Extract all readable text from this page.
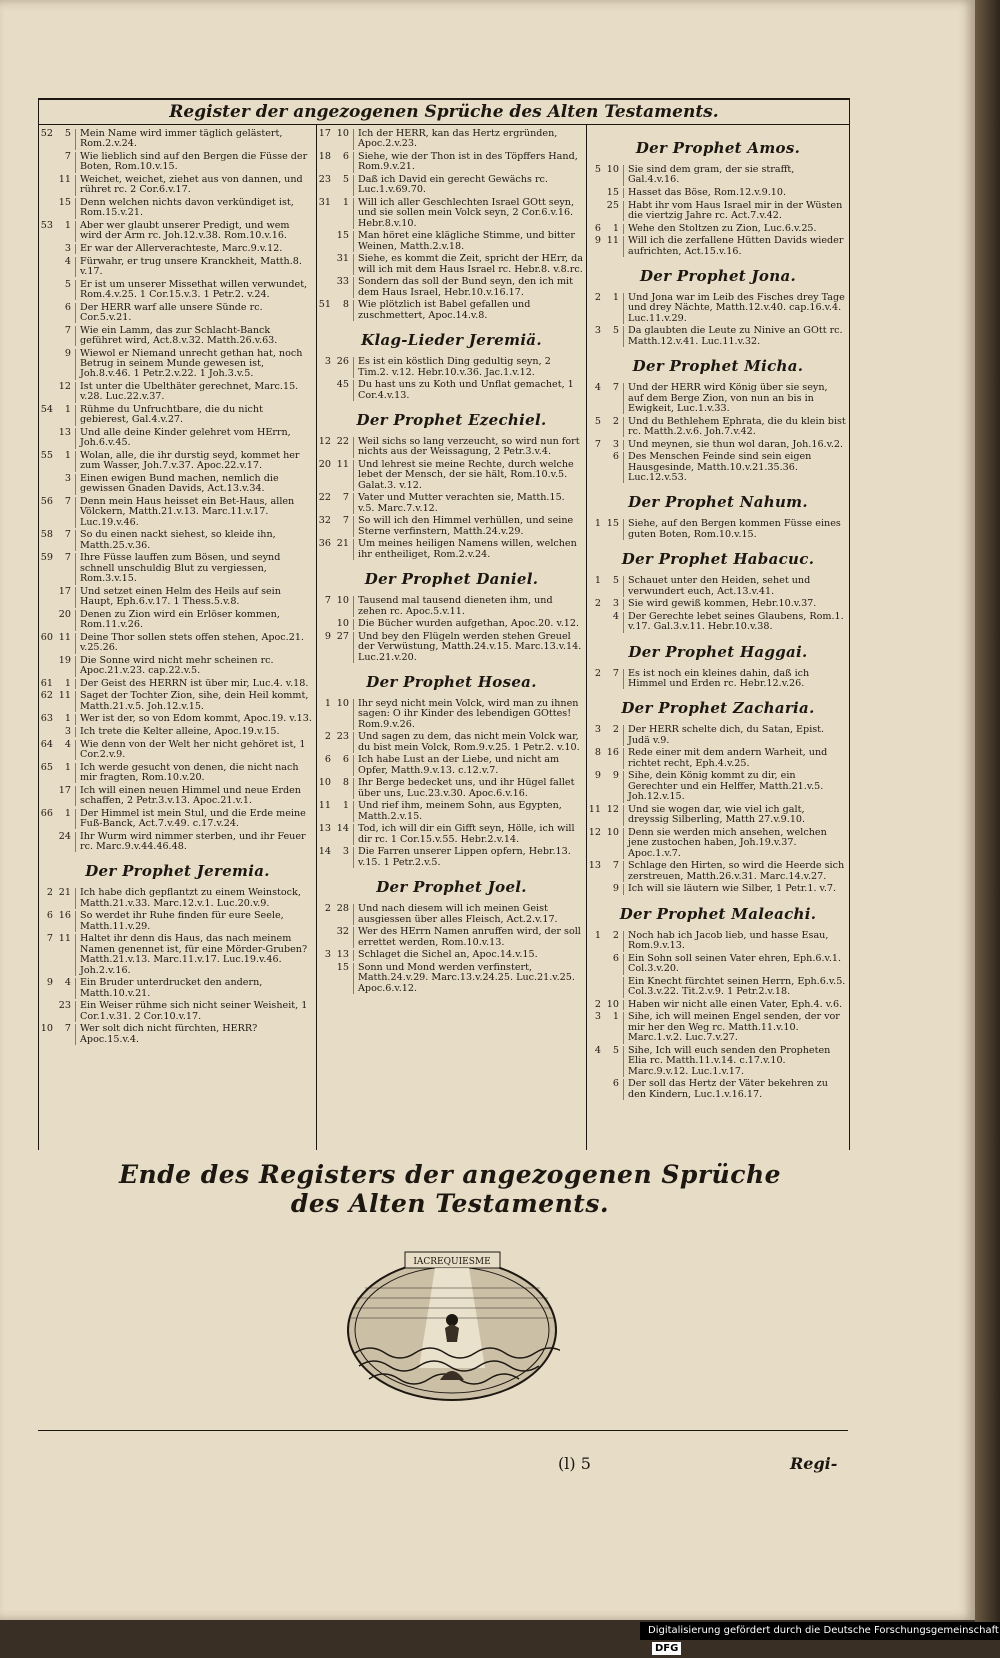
Register der angezogenen Sprüche des Alten Testaments.
52	5 Mein Name wird immer täglich gelästert, Rom.2.v.24.
7 Wie lieblich sind auf den Bergen die Füsse der Boten, Rom.10.v.15.
11 Weichet, weichet, ziehet aus von dannen, und rühret rc. 2 Cor.6.v.17.
15 Denn welchen nichts davon verkündiget ist, Rom.15.v.21.
53	1 Aber wer glaubt unserer Predigt, und wem wird der Arm rc. Joh.12.v.38. Rom.10.v.16.
3 Er war der Allerverachteste, Marc.9.v.12.
4 Fürwahr, er trug unsere Kranckheit, Matth.8. v.17.
5 Er ist um unserer Missethat willen verwundet, Rom.4.v.25. 1 Cor.15.v.3. 1 Petr.2. v.24.
6 Der HERR warf alle unsere Sünde rc. Cor.5.v.21.
7 Wie ein Lamm, das zur Schlacht-Banck geführet wird, Act.8.v.32. Matth.26.v.63.
9 Wiewol er Niemand unrecht gethan hat, noch Betrug in seinem Munde gewesen ist, Joh.8.v.46. 1 Petr.2.v.22. 1 Joh.3.v.5.
12 Ist unter die Ubelthäter gerechnet, Marc.15. v.28. Luc.22.v.37.
54	1 Rühme du Unfruchtbare, die du nicht gebierest, Gal.4.v.27.
13 Und alle deine Kinder gelehret vom HErrn, Joh.6.v.45.
55	1 Wolan, alle, die ihr durstig seyd, kommet her zum Wasser, Joh.7.v.37. Apoc.22.v.17.
3 Einen ewigen Bund machen, nemlich die gewissen Gnaden Davids, Act.13.v.34.
56	7 Denn mein Haus heisset ein Bet-Haus, allen Völckern, Matth.21.v.13. Marc.11.v.17. Luc.19.v.46.
58	7 So du einen nackt siehest, so kleide ihn, Matth.25.v.36.
59	7 Ihre Füsse lauffen zum Bösen, und seynd schnell unschuldig Blut zu vergiessen, Rom.3.v.15.
17 Und setzet einen Helm des Heils auf sein Haupt, Eph.6.v.17. 1 Thess.5.v.8.
20 Denen zu Zion wird ein Erlöser kommen, Rom.11.v.26.
60 11 Deine Thor sollen stets offen stehen, Apoc.21. v.25.26.
19 Die Sonne wird nicht mehr scheinen rc. Apoc.21.v.23. cap.22.v.5.
61	1 Der Geist des HERRN ist über mir, Luc.4. v.18.
62 11 Saget der Tochter Zion, sihe, dein Heil kommt, Matth.21.v.5. Joh.12.v.15.
63	1 Wer ist der, so von Edom kommt, Apoc.19. v.13.
3 Ich trete die Kelter alleine, Apoc.19.v.15.
64	4 Wie denn von der Welt her nicht gehöret ist, 1 Cor.2.v.9.
65	1 Ich werde gesucht von denen, die nicht nach mir fragten, Rom.10.v.20.
17 Ich will einen neuen Himmel und neue Erden schaffen, 2 Petr.3.v.13. Apoc.21.v.1.
66	1 Der Himmel ist mein Stul, und die Erde meine Fuß-Banck, Act.7.v.49. c.17.v.24.
24 Ihr Wurm wird nimmer sterben, und ihr Feuer rc. Marc.9.v.44.46.48.
Der Prophet Jeremia.
2 21 Ich habe dich gepflantzt zu einem Weinstock, Matth.21.v.33. Marc.12.v.1. Luc.20.v.9.
6 16 So werdet ihr Ruhe finden für eure Seele, Matth.11.v.29.
7 11 Haltet ihr denn dis Haus, das nach meinem Namen genennet ist, für eine Mörder-Gruben? Matth.21.v.13. Marc.11.v.17. Luc.19.v.46. Joh.2.v.16.
9	4 Ein Bruder unterdrucket den andern, Matth.10.v.21.
23 Ein Weiser rühme sich nicht seiner Weisheit, 1 Cor.1.v.31. 2 Cor.10.v.17.
10	7 Wer solt dich nicht fürchten, HERR? Apoc.15.v.4.
17 10 Ich der HERR, kan das Hertz ergründen, Apoc.2.v.23.
18	6 Siehe, wie der Thon ist in des Töpffers Hand, Rom.9.v.21.
23	5 Daß ich David ein gerecht Gewächs rc. Luc.1.v.69.70.
31	1 Will ich aller Geschlechten Israel GOtt seyn, und sie sollen mein Volck seyn, 2 Cor.6.v.16. Hebr.8.v.10.
15 Man höret eine klägliche Stimme, und bitter Weinen, Matth.2.v.18.
31 Siehe, es kommt die Zeit, spricht der HErr, da will ich mit dem Haus Israel rc. Hebr.8. v.8.rc.
33 Sondern das soll der Bund seyn, den ich mit dem Haus Israel, Hebr.10.v.16.17.
51	8 Wie plötzlich ist Babel gefallen und zuschmettert, Apoc.14.v.8.
Klag-Lieder Jeremiä.
3 26 Es ist ein köstlich Ding gedultig seyn, 2 Tim.2. v.12. Hebr.10.v.36. Jac.1.v.12.
45 Du hast uns zu Koth und Unflat gemachet, 1 Cor.4.v.13.
Der Prophet Ezechiel.
12 22 Weil sichs so lang verzeucht, so wird nun fort nichts aus der Weissagung, 2 Petr.3.v.4.
20 11 Und lehrest sie meine Rechte, durch welche lebet der Mensch, der sie hält, Rom.10.v.5. Galat.3. v.12.
22	7 Vater und Mutter verachten sie, Matth.15. v.5. Marc.7.v.12.
32	7 So will ich den Himmel verhüllen, und seine Sterne verfinstern, Matth.24.v.29.
36 21 Um meines heiligen Namens willen, welchen ihr entheiliget, Rom.2.v.24.
Der Prophet Daniel.
7 10 Tausend mal tausend dieneten ihm, und zehen rc. Apoc.5.v.11.
10 Die Bücher wurden aufgethan, Apoc.20. v.12.
9 27 Und bey den Flügeln werden stehen Greuel der Verwüstung, Matth.24.v.15. Marc.13.v.14. Luc.21.v.20.
Der Prophet Hosea.
1 10 Ihr seyd nicht mein Volck, wird man zu ihnen sagen: O ihr Kinder des lebendigen GOttes! Rom.9.v.26.
2 23 Und sagen zu dem, das nicht mein Volck war, du bist mein Volck, Rom.9.v.25. 1 Petr.2. v.10.
6	6 Ich habe Lust an der Liebe, und nicht am Opfer, Matth.9.v.13. c.12.v.7.
10	8 Ihr Berge bedecket uns, und ihr Hügel fallet über uns, Luc.23.v.30. Apoc.6.v.16.
11	1 Und rief ihm, meinem Sohn, aus Egypten, Matth.2.v.15.
13 14 Tod, ich will dir ein Gifft seyn, Hölle, ich will dir rc. 1 Cor.15.v.55. Hebr.2.v.14.
14	3 Die Farren unserer Lippen opfern, Hebr.13. v.15. 1 Petr.2.v.5.
Der Prophet Joel.
2 28 Und nach diesem will ich meinen Geist ausgiessen über alles Fleisch, Act.2.v.17.
32 Wer des HErrn Namen anruffen wird, der soll errettet werden, Rom.10.v.13.
3 13 Schlaget die Sichel an, Apoc.14.v.15.
15 Sonn und Mond werden verfinstert, Matth.24.v.29. Marc.13.v.24.25. Luc.21.v.25. Apoc.6.v.12.
Der Prophet Amos.
5 10 Sie sind dem gram, der sie strafft, Gal.4.v.16.
15 Hasset das Böse, Rom.12.v.9.10.
25 Habt ihr vom Haus Israel mir in der Wüsten die viertzig Jahre rc. Act.7.v.42.
6	1 Wehe den Stoltzen zu Zion, Luc.6.v.25.
9 11 Will ich die zerfallene Hütten Davids wieder aufrichten, Act.15.v.16.
Der Prophet Jona.
2	1 Und Jona war im Leib des Fisches drey Tage und drey Nächte, Matth.12.v.40. cap.16.v.4. Luc.11.v.29.
3	5 Da glaubten die Leute zu Ninive an GOtt rc. Matth.12.v.41. Luc.11.v.32.
Der Prophet Micha.
4	7 Und der HERR wird König über sie seyn, auf dem Berge Zion, von nun an bis in Ewigkeit, Luc.1.v.33.
5	2 Und du Bethlehem Ephrata, die du klein bist rc. Matth.2.v.6. Joh.7.v.42.
7	3 Und meynen, sie thun wol daran, Joh.16.v.2.
6 Des Menschen Feinde sind sein eigen Hausgesinde, Matth.10.v.21.35.36. Luc.12.v.53.
Der Prophet Nahum.
1 15 Siehe, auf den Bergen kommen Füsse eines guten Boten, Rom.10.v.15.
Der Prophet Habacuc.
1	5 Schauet unter den Heiden, sehet und verwundert euch, Act.13.v.41.
2	3 Sie wird gewiß kommen, Hebr.10.v.37.
4 Der Gerechte lebet seines Glaubens, Rom.1. v.17. Gal.3.v.11. Hebr.10.v.38.
Der Prophet Haggai.
2	7 Es ist noch ein kleines dahin, daß ich Himmel und Erden rc. Hebr.12.v.26.
Der Prophet Zacharia.
3	2 Der HERR schelte dich, du Satan, Epist. Judä v.9.
8 16 Rede einer mit dem andern Warheit, und richtet recht, Eph.4.v.25.
9	9 Sihe, dein König kommt zu dir, ein Gerechter und ein Helffer, Matth.21.v.5. Joh.12.v.15.
11 12 Und sie wogen dar, wie viel ich galt, dreyssig Silberling, Matth 27.v.9.10.
12 10 Denn sie werden mich ansehen, welchen jene zustochen haben, Joh.19.v.37. Apoc.1.v.7.
13	7 Schlage den Hirten, so wird die Heerde sich zerstreuen, Matth.26.v.31. Marc.14.v.27.
9 Ich will sie läutern wie Silber, 1 Petr.1. v.7.
Der Prophet Maleachi.
1	2 Noch hab ich Jacob lieb, und hasse Esau, Rom.9.v.13.
6 Ein Sohn soll seinen Vater ehren, Eph.6.v.1. Col.3.v.20.
Ein Knecht fürchtet seinen Herrn, Eph.6.v.5. Col.3.v.22. Tit.2.v.9. 1 Petr.2.v.18.
2 10 Haben wir nicht alle einen Vater, Eph.4. v.6.
3	1 Sihe, ich will meinen Engel senden, der vor mir her den Weg rc. Matth.11.v.10. Marc.1.v.2. Luc.7.v.27.
4	5 Sihe, Ich will euch senden den Propheten Elia rc. Matth.11.v.14. c.17.v.10. Marc.9.v.12. Luc.1.v.17.
6 Der soll das Hertz der Väter bekehren zu den Kindern, Luc.1.v.16.17.
Ende des Registers der angezogenen Sprüche des Alten Testaments.
IACREQUIESME
(l) 5	Regi-
Digitalisierung gefördert durch die Deutsche Forschungsgemeinschaft DFG
